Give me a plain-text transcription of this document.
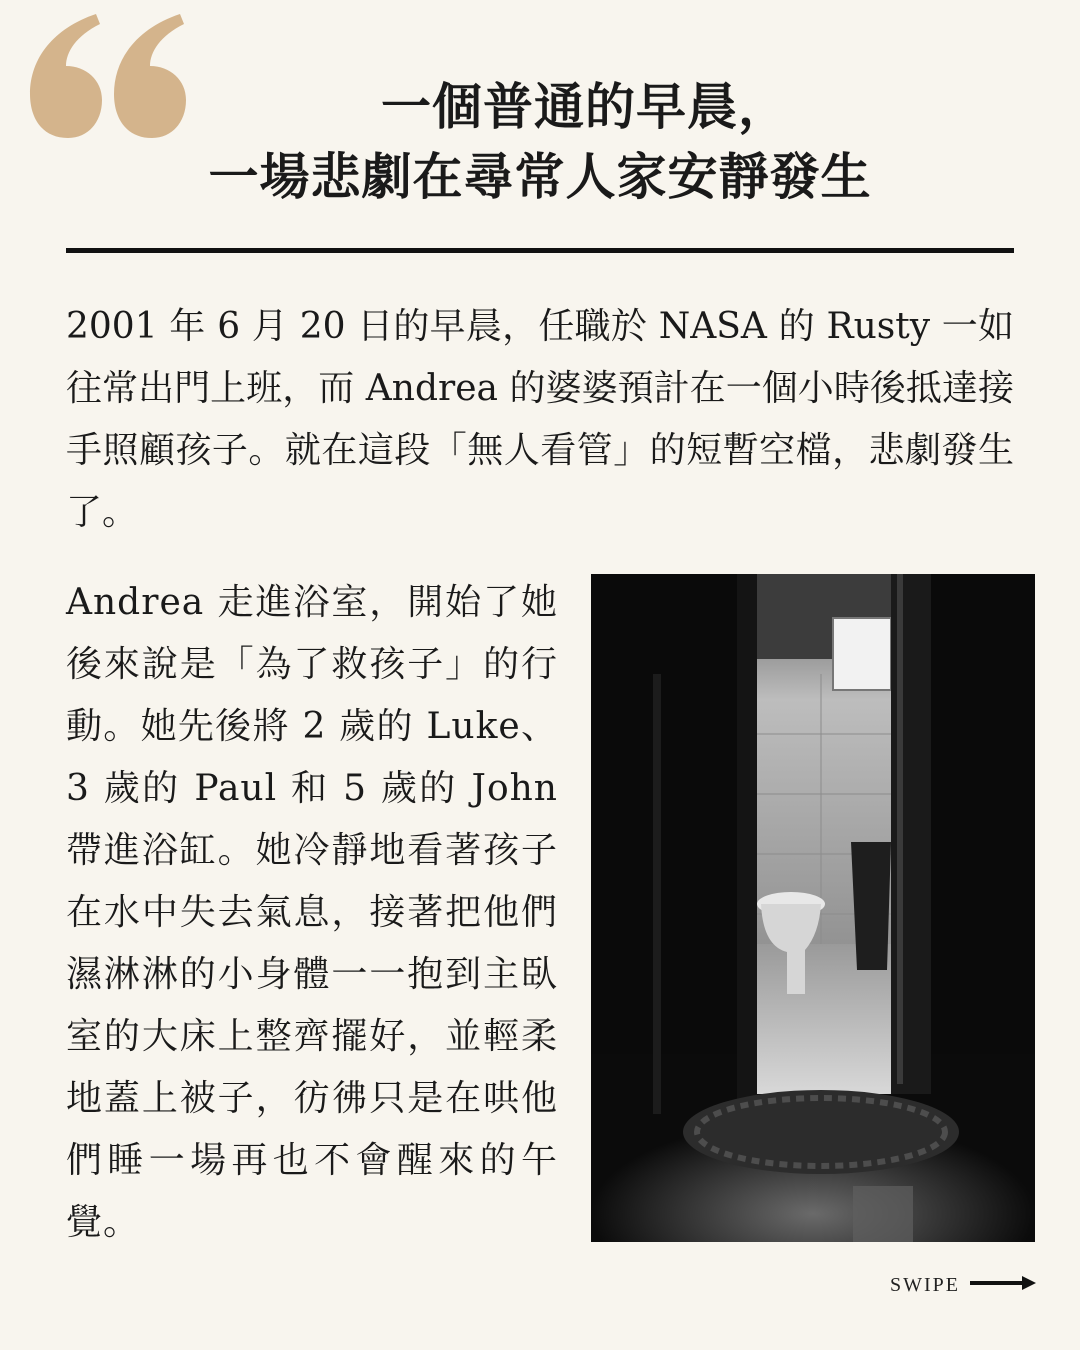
一個普通的早晨，
一場悲劇在尋常人家安靜發生

2001 年 6 月 20 日的早晨，任職於 NASA 的 Rusty 一如往常出門上班，而 Andrea 的婆婆預計在一個小時後抵達接手照顧孩子。就在這段「無人看管」的短暫空檔，悲劇發生了。

Andrea 走進浴室，開始了她後來說是「為了救孩子」的行動。她先後將 2 歲的 Luke、3 歲的 Paul 和 5 歲的 John 帶進浴缸。她冷靜地看著孩子在水中失去氣息，接著把他們濕淋淋的小身體一一抱到主臥室的大床上整齊擺好，並輕柔地蓋上被子，彷彿只是在哄他們睡一場再也不會醒來的午覺。

SWIPE
